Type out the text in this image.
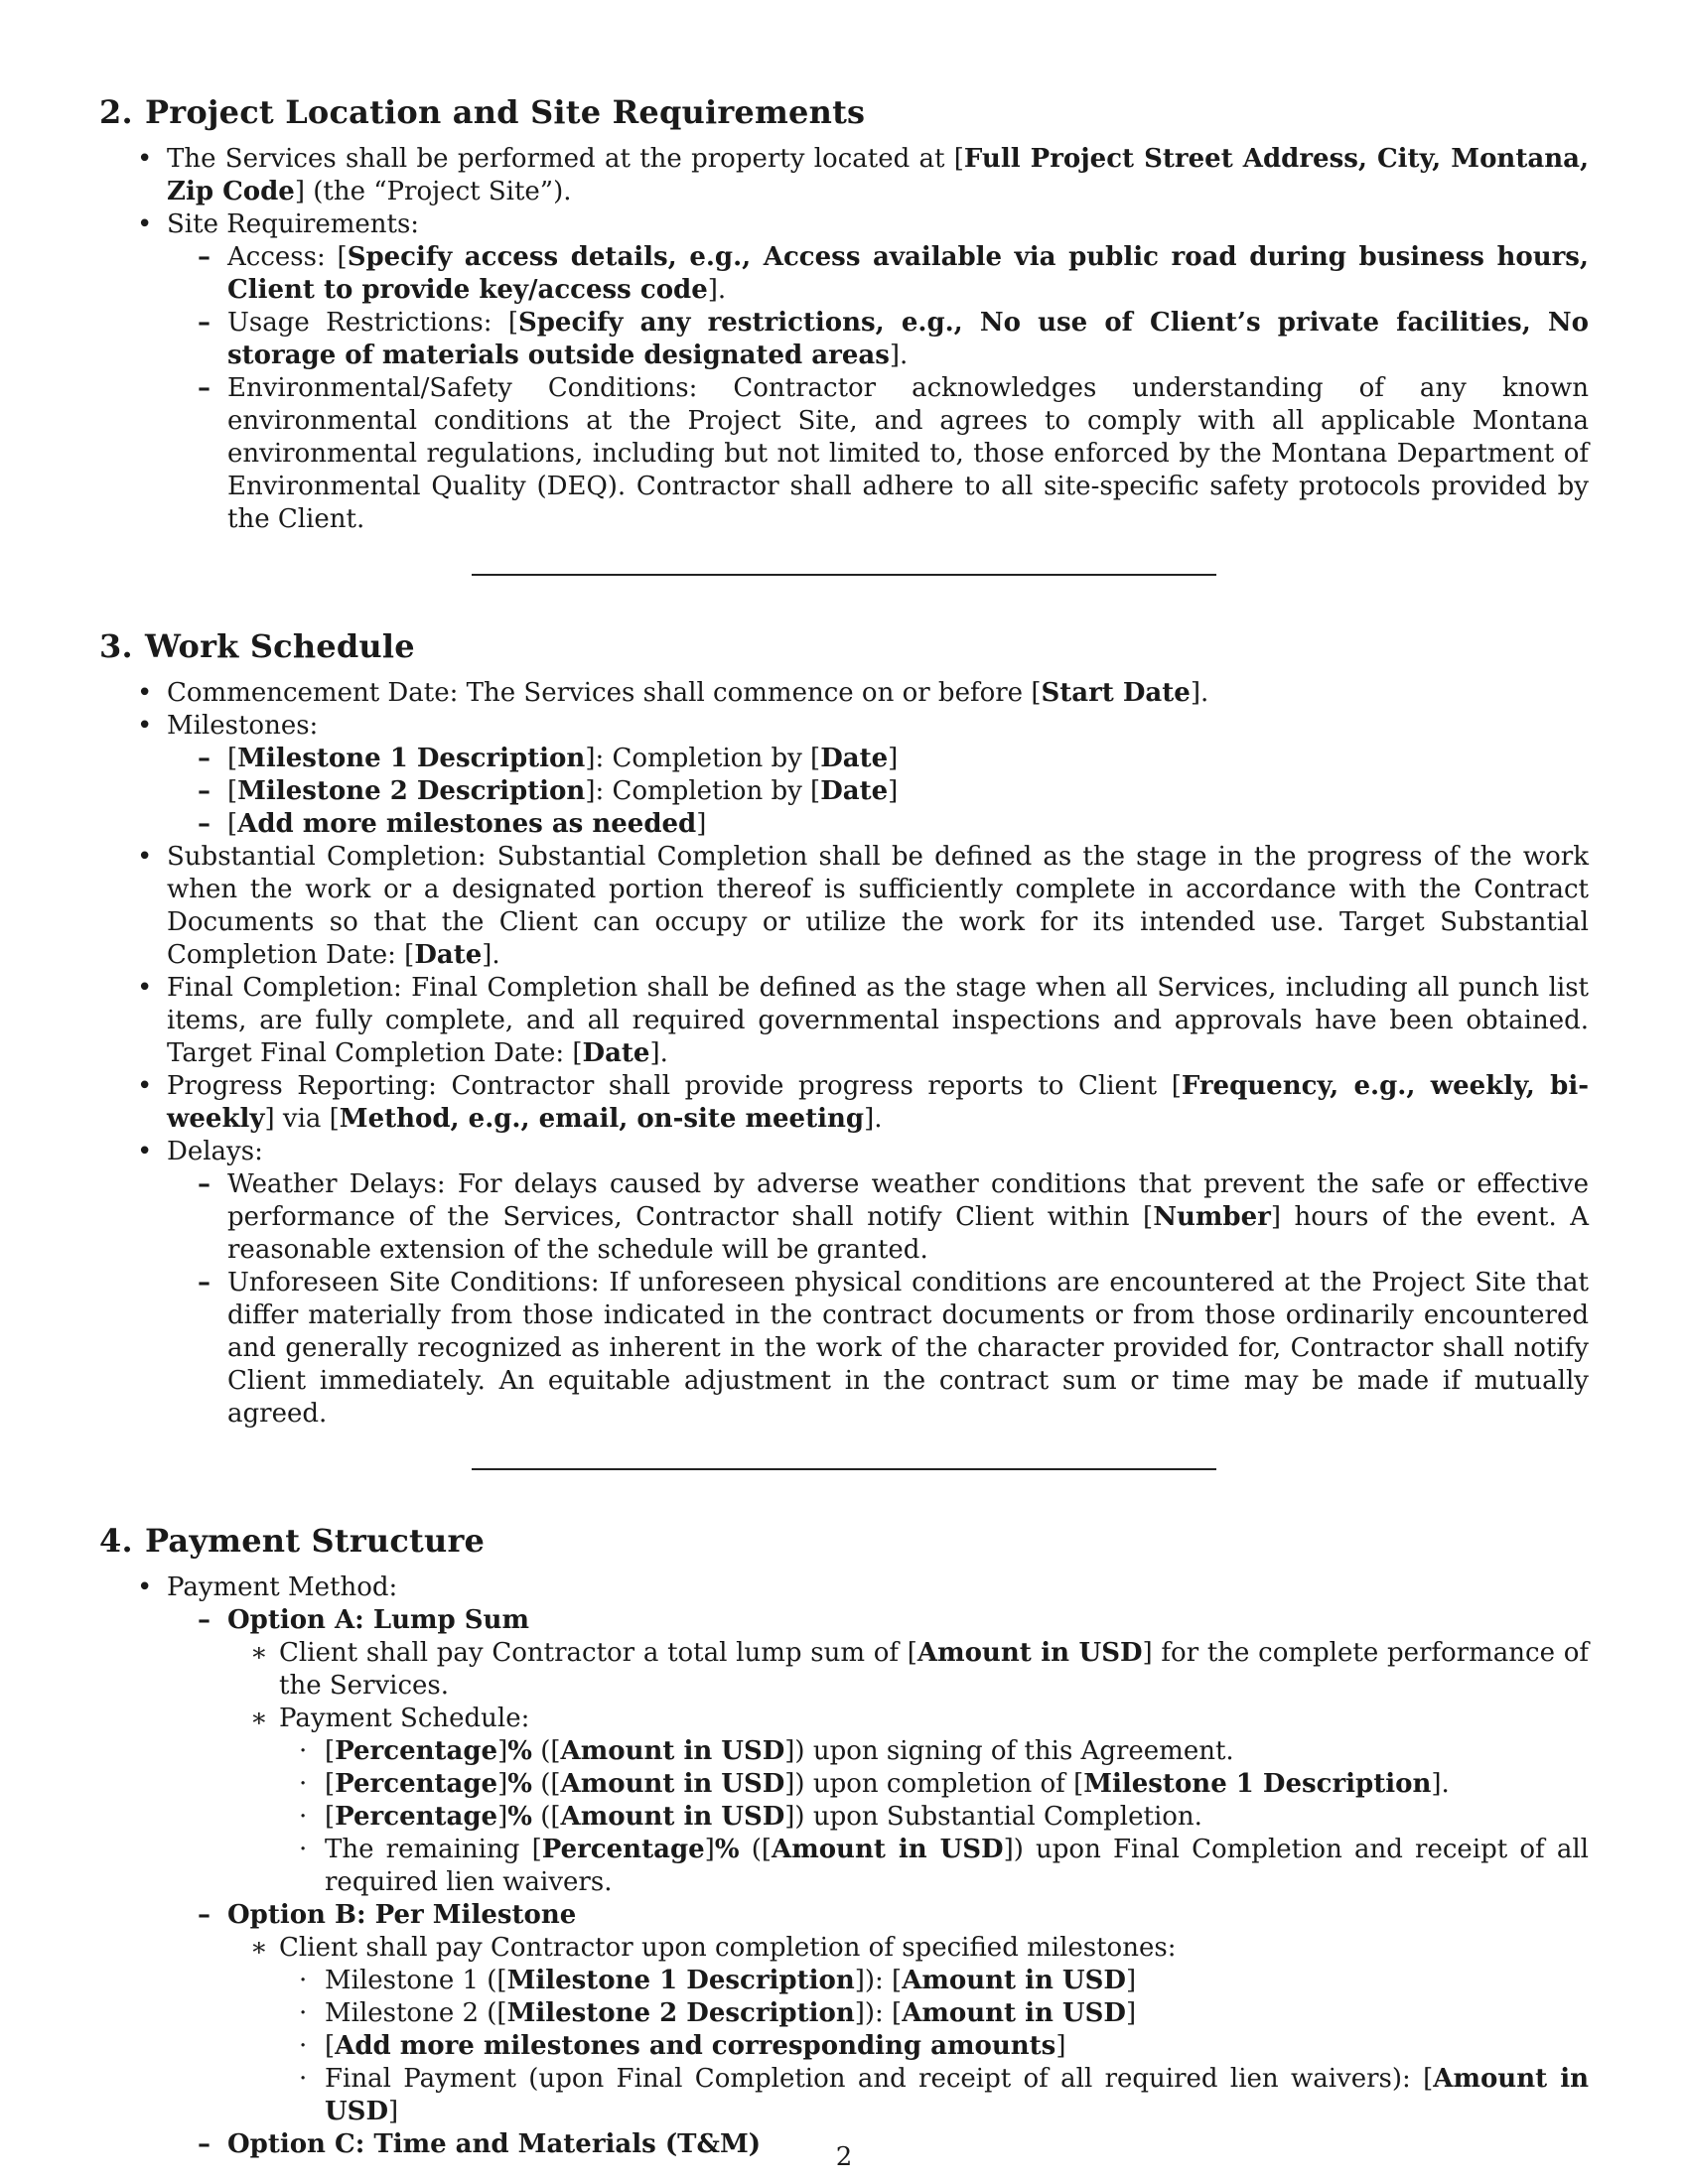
2. Project Location and Site Requirements
• The Services shall be performed at the property located at [Full Project Street Address, City, Montana, Zip Code] (the “Project Site”).
• Site Requirements:
– Access: [Specify access details, e.g., Access available via public road during business hours, Client to provide key/access code].
– Usage Restrictions: [Specify any restrictions, e.g., No use of Client’s private facilities, No storage of materials outside designated areas].
– Environmental/Safety Conditions: Contractor acknowledges understanding of any known environmental conditions at the Project Site, and agrees to comply with all applicable Montana environmental regulations, including but not limited to, those enforced by the Montana Department of Environmental Quality (DEQ). Contractor shall adhere to all site-specific safety protocols provided by the Client.
3. Work Schedule
• Commencement Date: The Services shall commence on or before [Start Date].
• Milestones:
– [Milestone 1 Description]: Completion by [Date]
– [Milestone 2 Description]: Completion by [Date]
– [Add more milestones as needed]
• Substantial Completion: Substantial Completion shall be defined as the stage in the progress of the work when the work or a designated portion thereof is sufficiently complete in accordance with the Contract Documents so that the Client can occupy or utilize the work for its intended use. Target Substantial Completion Date: [Date].
• Final Completion: Final Completion shall be defined as the stage when all Services, including all punch list items, are fully complete, and all required governmental inspections and approvals have been obtained. Target Final Completion Date: [Date].
• Progress Reporting: Contractor shall provide progress reports to Client [Frequency, e.g., weekly, bi-weekly] via [Method, e.g., email, on-site meeting].
• Delays:
– Weather Delays: For delays caused by adverse weather conditions that prevent the safe or effective performance of the Services, Contractor shall notify Client within [Number] hours of the event. A reasonable extension of the schedule will be granted.
– Unforeseen Site Conditions: If unforeseen physical conditions are encountered at the Project Site that differ materially from those indicated in the contract documents or from those ordinarily encountered and generally recognized as inherent in the work of the character provided for, Contractor shall notify Client immediately. An equitable adjustment in the contract sum or time may be made if mutually agreed.
4. Payment Structure
• Payment Method:
– Option A: Lump Sum
∗ Client shall pay Contractor a total lump sum of [Amount in USD] for the complete performance of the Services.
∗ Payment Schedule:
· [Percentage]% ([Amount in USD]) upon signing of this Agreement.
· [Percentage]% ([Amount in USD]) upon completion of [Milestone 1 Description].
· [Percentage]% ([Amount in USD]) upon Substantial Completion.
· The remaining [Percentage]% ([Amount in USD]) upon Final Completion and receipt of all required lien waivers.
– Option B: Per Milestone
∗ Client shall pay Contractor upon completion of specified milestones:
· Milestone 1 ([Milestone 1 Description]): [Amount in USD]
· Milestone 2 ([Milestone 2 Description]): [Amount in USD]
· [Add more milestones and corresponding amounts]
· Final Payment (upon Final Completion and receipt of all required lien waivers): [Amount in USD]
– Option C: Time and Materials (T&M)	2
